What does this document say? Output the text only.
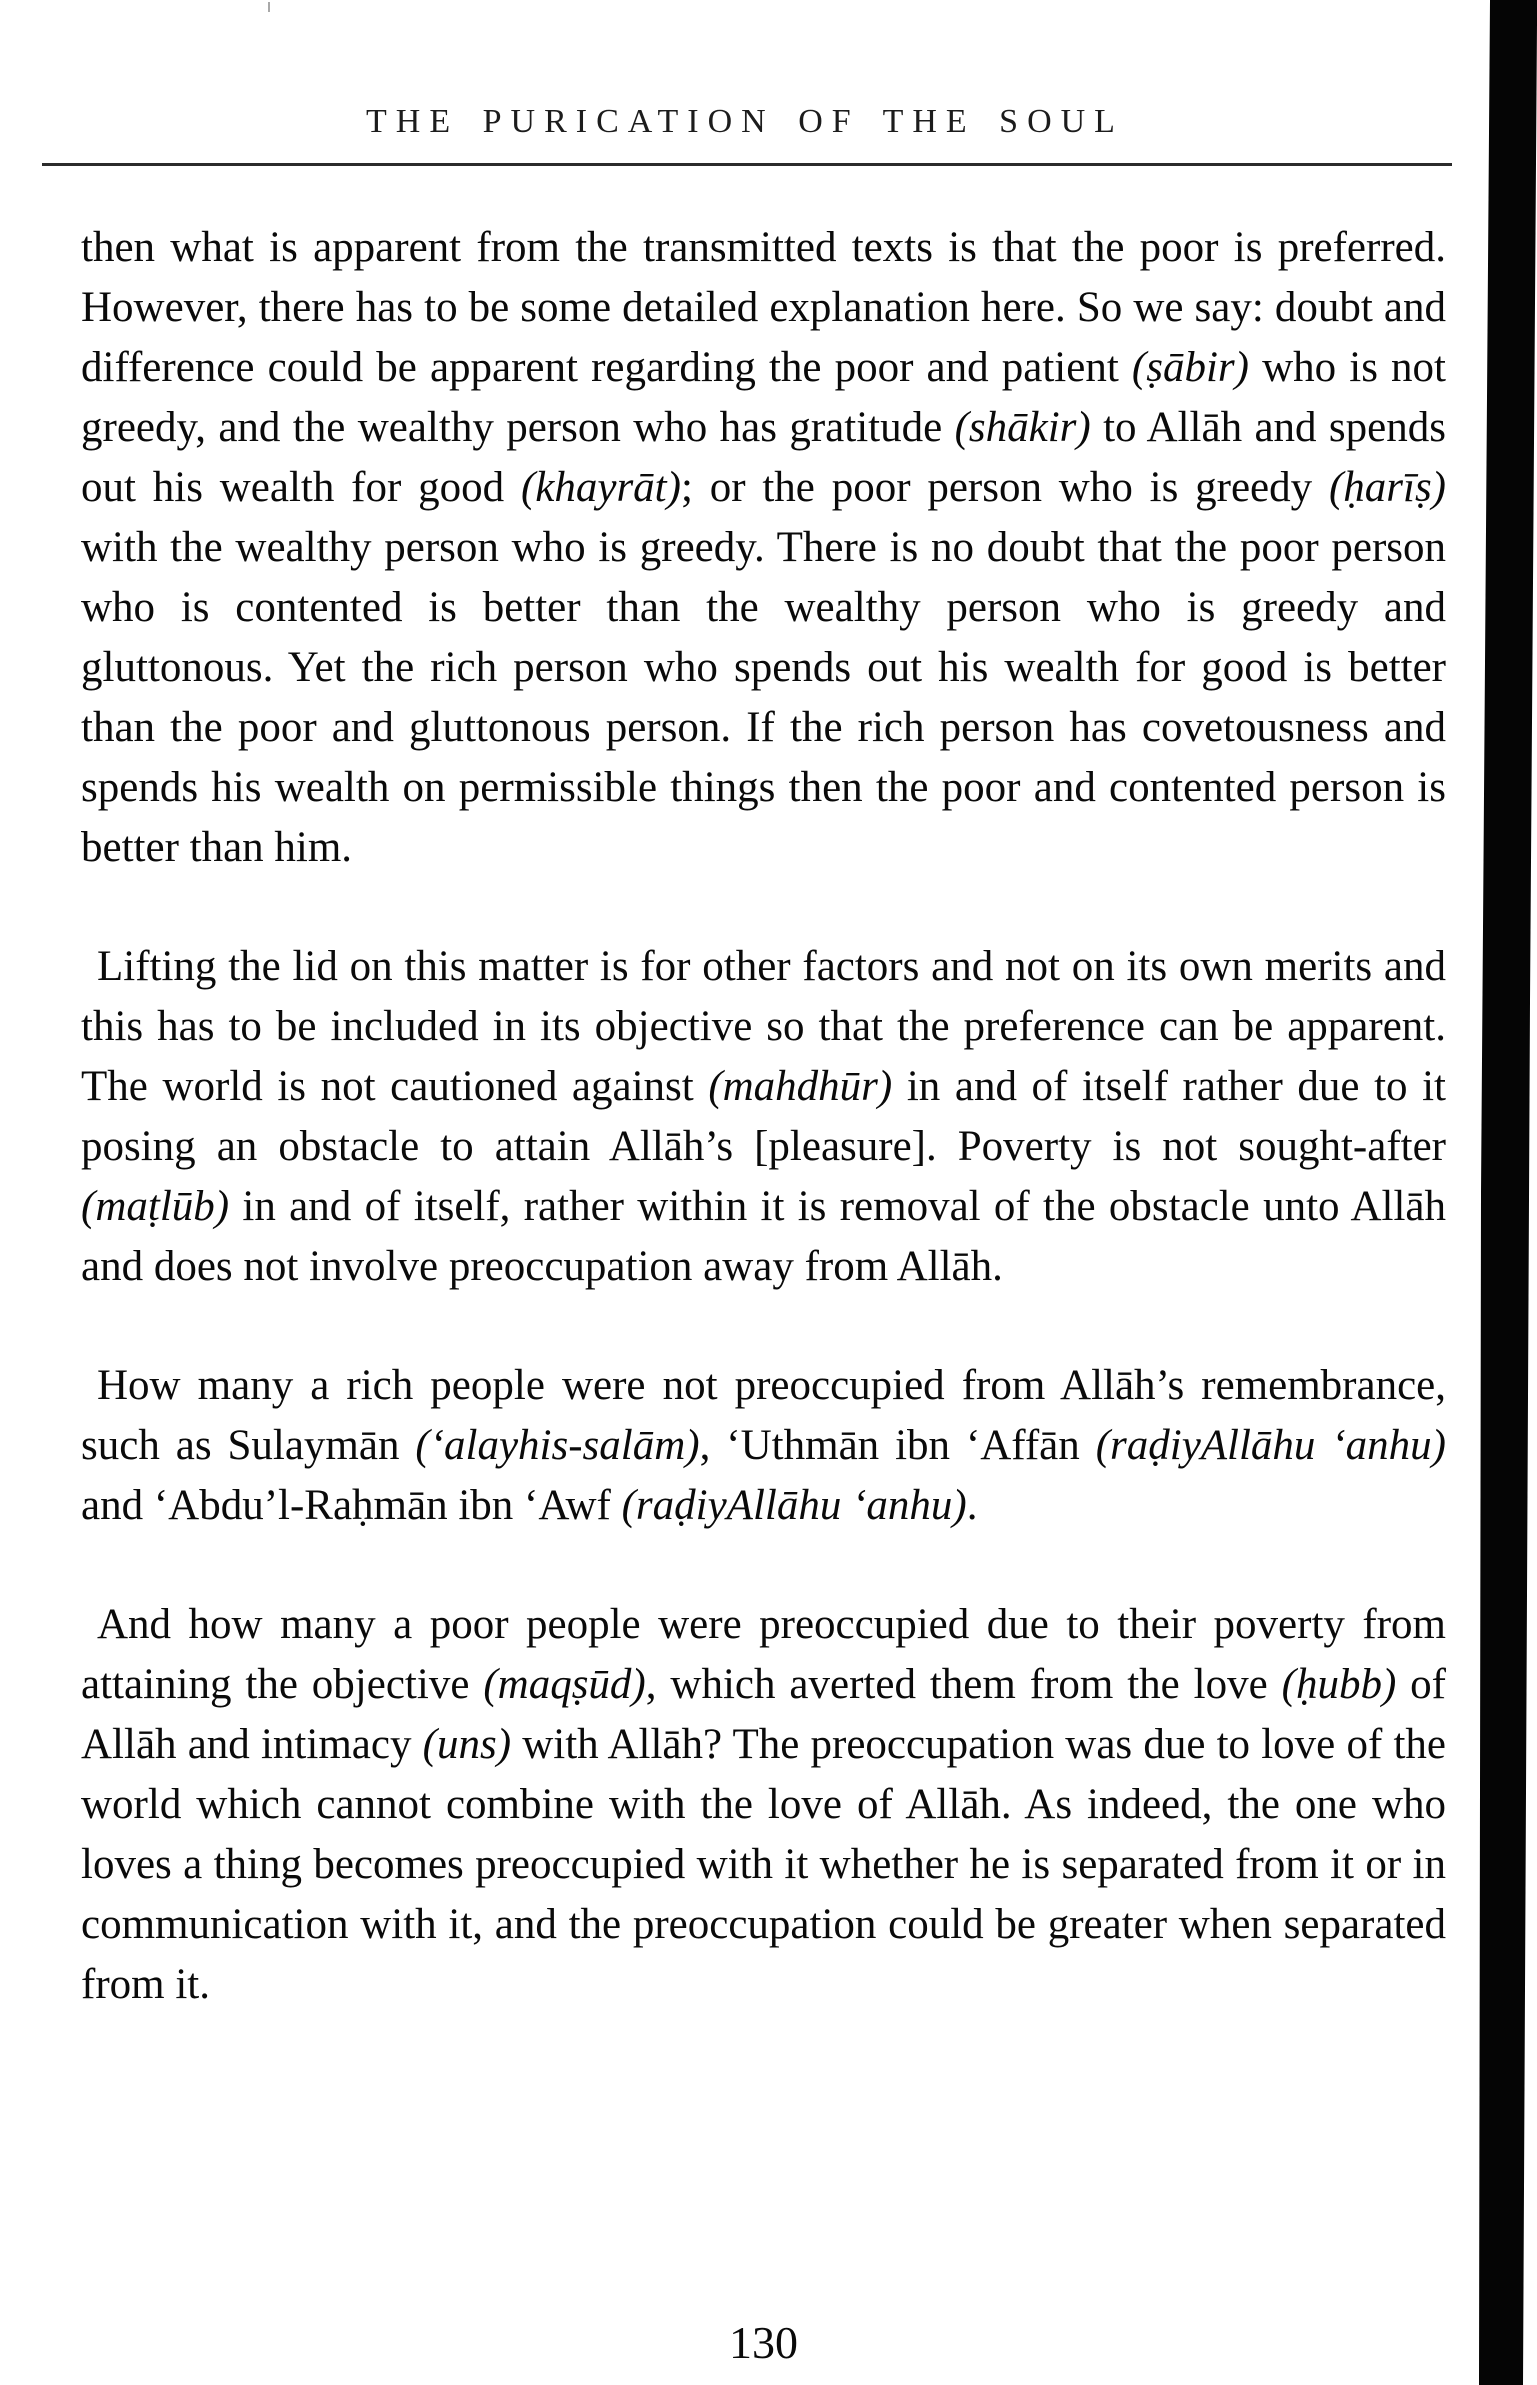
THE PURICATION OF THE SOUL

then what is apparent from the transmitted texts is that the poor is preferred. However, there has to be some detailed explanation here. So we say: doubt and difference could be apparent regarding the poor and patient (ṣābir) who is not greedy, and the wealthy person who has gratitude (shākir) to Allāh and spends out his wealth for good (khayrāt); or the poor person who is greedy (ḥarīṣ) with the wealthy person who is greedy. There is no doubt that the poor person who is contented is better than the wealthy person who is greedy and gluttonous. Yet the rich person who spends out his wealth for good is better than the poor and gluttonous person. If the rich person has covetousness and spends his wealth on permissible things then the poor and contented person is better than him.

Lifting the lid on this matter is for other factors and not on its own merits and this has to be included in its objective so that the preference can be apparent. The world is not cautioned against (mahdhūr) in and of itself rather due to it posing an obstacle to attain Allāh’s [pleasure]. Poverty is not sought-after (maṭlūb) in and of itself, rather within it is removal of the obstacle unto Allāh and does not involve preoccupation away from Allāh.

How many a rich people were not preoccupied from Allāh’s remembrance, such as Sulaymān (‘alayhis-salām), ‘Uthmān ibn ‘Affān (raḍiyAllāhu ‘anhu) and ‘Abdu’l-Raḥmān ibn ‘Awf (raḍiyAllāhu ‘anhu).

And how many a poor people were preoccupied due to their poverty from attaining the objective (maqṣūd), which averted them from the love (ḥubb) of Allāh and intimacy (uns) with Allāh? The preoccupation was due to love of the world which cannot combine with the love of Allāh. As indeed, the one who loves a thing becomes preoccupied with it whether he is separated from it or in communication with it, and the preoccupation could be greater when separated from it.

130
